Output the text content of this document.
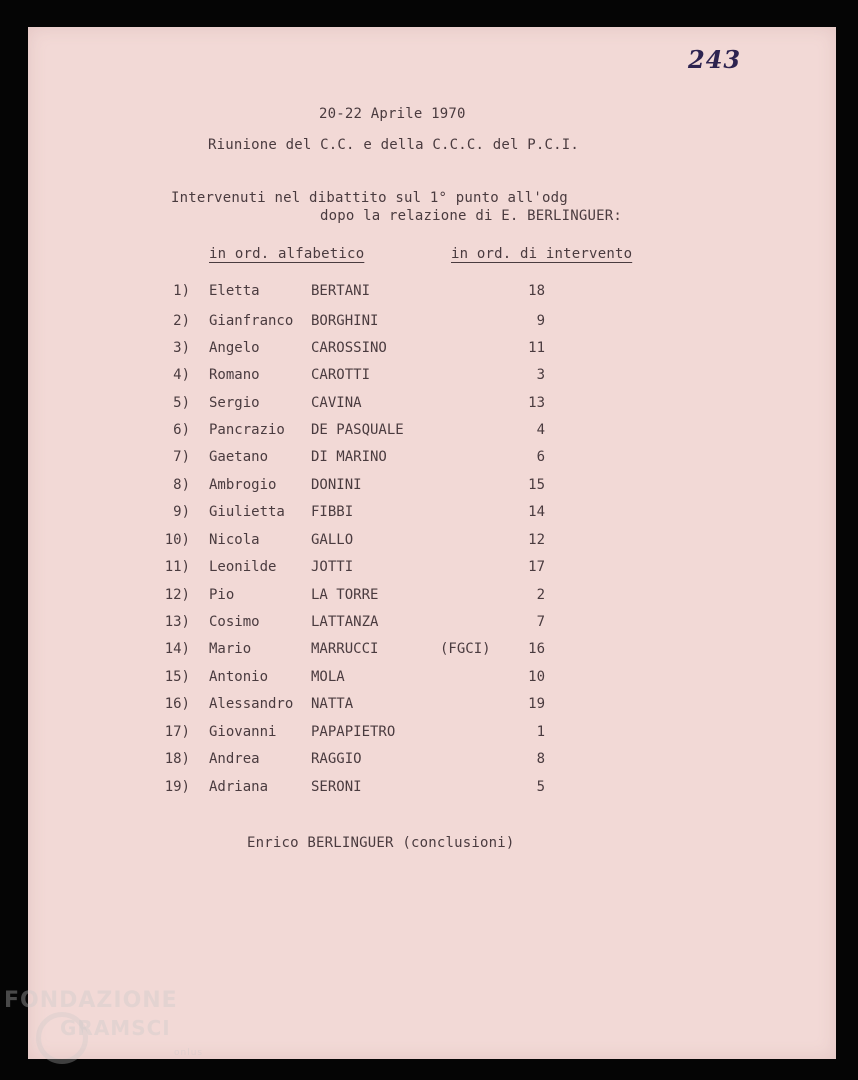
243
20-22 Aprile 1970
Riunione del C.C. e della C.C.C. del P.C.I.
Intervenuti nel dibattito sul 1° punto all'odg
dopo la relazione di E. BERLINGUER:
in ord. alfabetico	in ord. di intervento
1) Eletta	BERTANI	18
2) Gianfranco BORGHINI	9
3) Angelo	CAROSSINO	11
4) Romano	CAROTTI	3
5) Sergio	CAVINA	13
6) Pancrazio DE PASQUALE	4
7) Gaetano	DI MARINO	6
8) Ambrogio DONINI	15
9) Giulietta FIBBI	14
10) Nicola	GALLO	12
11) Leonilde JOTTI	17
12) Pio	LA TORRE	2
13) Cosimo	LATTANZA	7
14) Mario	MARRUCCI	(FGCI)	16
15) Antonio	MOLA	10
16) Alessandro NATTA	19
17) Giovanni PAPAPIETRO	1
18) Andrea	RAGGIO	8
19) Adriana	SERONI	5
Enrico BERLINGUER (conclusioni)
FONDAZIONE
GRAMSCI
onlus
